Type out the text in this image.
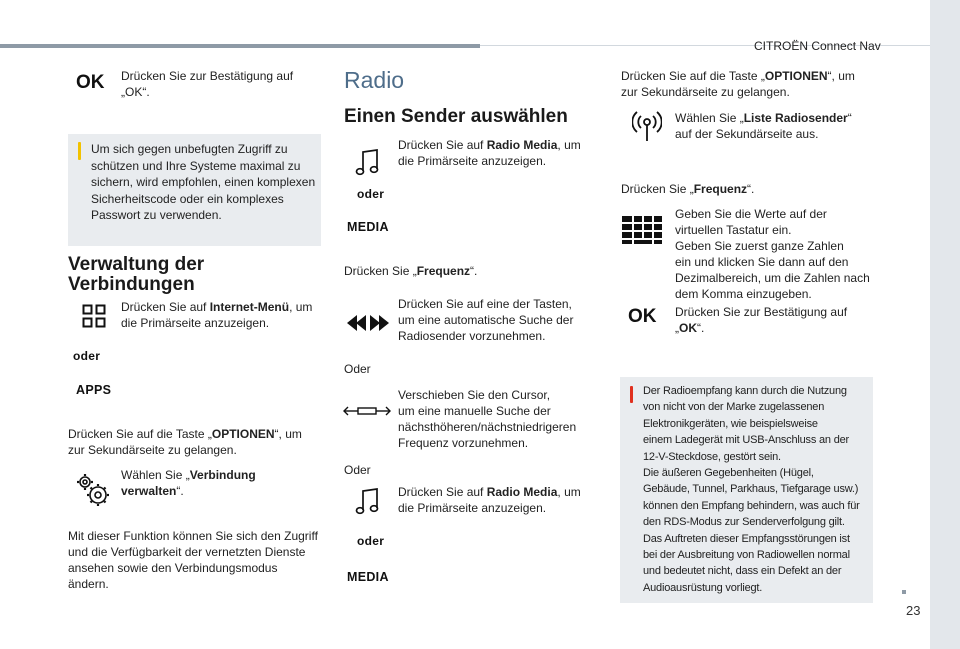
CITROËN Connect Nav
23
OK Drücken Sie zur Bestätigung auf
„OK“.
Um sich gegen unbefugten Zugriff zu
schützen und Ihre Systeme maximal zu
sichern, wird empfohlen, einen komplexen
Sicherheitscode oder ein komplexes
Passwort zu verwenden.
Verwaltung der
Verbindungen
Drücken Sie auf Internet-Menü, um
die Primärseite anzuzeigen.
oder
APPS
Drücken Sie auf die Taste „OPTIONEN“, um
zur Sekundärseite zu gelangen.
Wählen Sie „Verbindung
verwalten“.
Mit dieser Funktion können Sie sich den Zugriff
und die Verfügbarkeit der vernetzten Dienste
ansehen sowie den Verbindungsmodus
ändern.
Radio
Einen Sender auswählen
Drücken Sie auf Radio Media, um
die Primärseite anzuzeigen.
oder
MEDIA
Drücken Sie „Frequenz“.
Drücken Sie auf eine der Tasten,
um eine automatische Suche der
Radiosender vorzunehmen.
Oder
Verschieben Sie den Cursor,
um eine manuelle Suche der
nächsthöheren/nächstniedrigeren
Frequenz vorzunehmen.
Oder
Drücken Sie auf Radio Media, um
die Primärseite anzuzeigen.
oder
MEDIA
Drücken Sie auf die Taste „OPTIONEN“, um
zur Sekundärseite zu gelangen.
Wählen Sie „Liste Radiosender“
auf der Sekundärseite aus.
Drücken Sie „Frequenz“.
Geben Sie die Werte auf der
virtuellen Tastatur ein.
Geben Sie zuerst ganze Zahlen
ein und klicken Sie dann auf den
Dezimalbereich, um die Zahlen nach
dem Komma einzugeben.
OK Drücken Sie zur Bestätigung auf
„OK“.
Der Radioempfang kann durch die Nutzung
von nicht von der Marke zugelassenen
Elektronikgeräten, wie beispielsweise
einem Ladegerät mit USB-Anschluss an der
12-V-Steckdose, gestört sein.
Die äußeren Gegebenheiten (Hügel,
Gebäude, Tunnel, Parkhaus, Tiefgarage usw.)
können den Empfang behindern, was auch für
den RDS-Modus zur Senderverfolgung gilt.
Das Auftreten dieser Empfangsstörungen ist
bei der Ausbreitung von Radiowellen normal
und bedeutet nicht, dass ein Defekt an der
Audioausrüstung vorliegt.
